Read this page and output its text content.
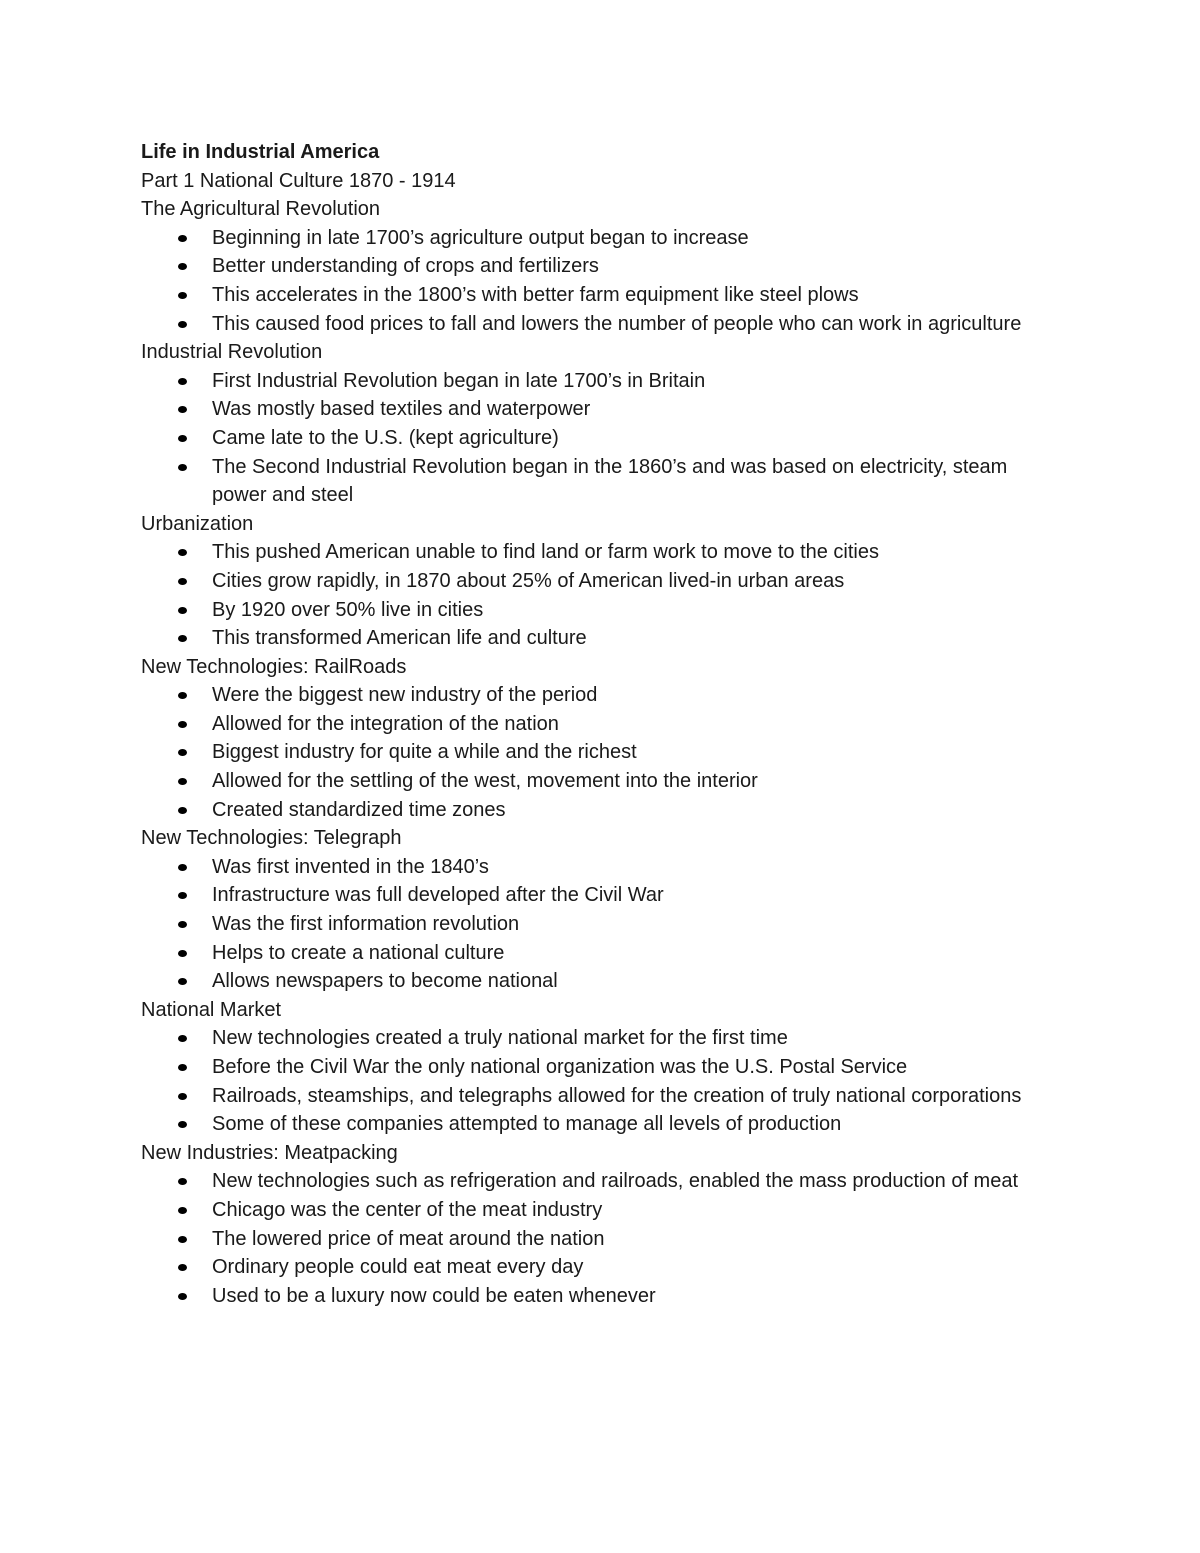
Life in Industrial America

Part 1 National Culture 1870 - 1914

The Agricultural Revolution

Beginning in late 1700’s agriculture output began to increase
Better understanding of crops and fertilizers
This accelerates in the 1800’s with better farm equipment like steel plows
This caused food prices to fall and lowers the number of people who can work in agriculture

Industrial Revolution

First Industrial Revolution began in late 1700’s in Britain
Was mostly based textiles and waterpower
Came late to the U.S. (kept agriculture)
The Second Industrial Revolution began in the 1860’s and was based on electricity, steam power and steel

Urbanization

This pushed American unable to find land or farm work to move to the cities
Cities grow rapidly, in 1870 about 25% of American lived-in urban areas
By 1920 over 50% live in cities
This transformed American life and culture

New Technologies: RailRoads

Were the biggest new industry of the period
Allowed for the integration of the nation
Biggest industry for quite a while and the richest
Allowed for the settling of the west, movement into the interior
Created standardized time zones

New Technologies: Telegraph

Was first invented in the 1840’s
Infrastructure was full developed after the Civil War
Was the first information revolution
Helps to create a national culture
Allows newspapers to become national

National Market

New technologies created a truly national market for the first time
Before the Civil War the only national organization was the U.S. Postal Service
Railroads, steamships, and telegraphs allowed for the creation of truly national corporations
Some of these companies attempted to manage all levels of production

New Industries: Meatpacking

New technologies such as refrigeration and railroads, enabled the mass production of meat
Chicago was the center of the meat industry
The lowered price of meat around the nation
Ordinary people could eat meat every day
Used to be a luxury now could be eaten whenever
